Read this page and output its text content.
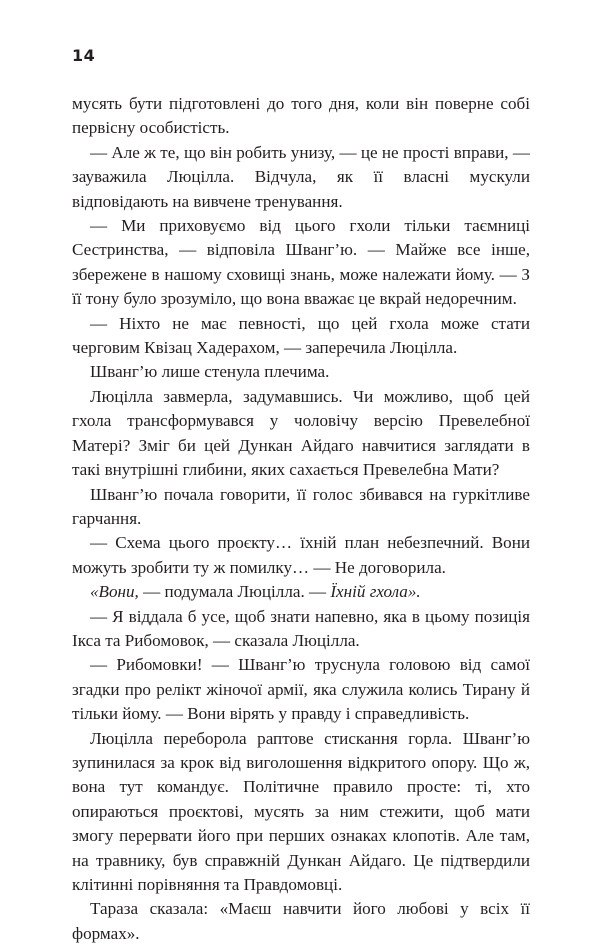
14

мусять бути підготовлені до того дня, коли він поверне собі первісну особистість.

— Але ж те, що він робить унизу, — це не прості вправи, — зауважила Люцілла. Відчула, як її власні мускули відповідають на вивчене тренування.

— Ми приховуємо від цього гхоли тільки таємниці Сестринства, — відповіла Шванг’ю. — Майже все інше, збережене в нашому сховищі знань, може належати йому. — З її тону було зрозуміло, що вона вважає це вкрай недоречним.

— Ніхто не має певності, що цей гхола може стати черговим Квізац Хадерахом, — заперечила Люцілла.

Шванг’ю лише стенула плечима.

Люцілла завмерла, задумавшись. Чи можливо, щоб цей гхола трансформувався у чоловічу версію Превелебної Матері? Зміг би цей Дункан Айдаго навчитися заглядати в такі внутрішні глибини, яких сахається Превелебна Мати?

Шванг’ю почала говорити, її голос збивався на гуркітливе гарчання.

— Схема цього проєкту… їхній план небезпечний. Вони можуть зробити ту ж помилку… — Не договорила.

«Вони, — подумала Люцілла. — Їхній гхола».

— Я віддала б усе, щоб знати напевно, яка в цьому позиція Ікса та Рибомовок, — сказала Люцілла.

— Рибомовки! — Шванг’ю труснула головою від самої згадки про релікт жіночої армії, яка служила колись Тирану й тільки йому. — Вони вірять у правду і справедливість.

Люцілла переборола раптове стискання горла. Шванг’ю зупинилася за крок від виголошення відкритого опору. Що ж, вона тут командує. Політичне правило просте: ті, хто опираються проєктові, мусять за ним стежити, щоб мати змогу перервати його при перших ознаках клопотів. Але там, на травнику, був справжній Дункан Айдаго. Це підтвердили клітинні порівняння та Правдомовці.

Тараза сказала: «Маєш навчити його любові у всіх її формах».
